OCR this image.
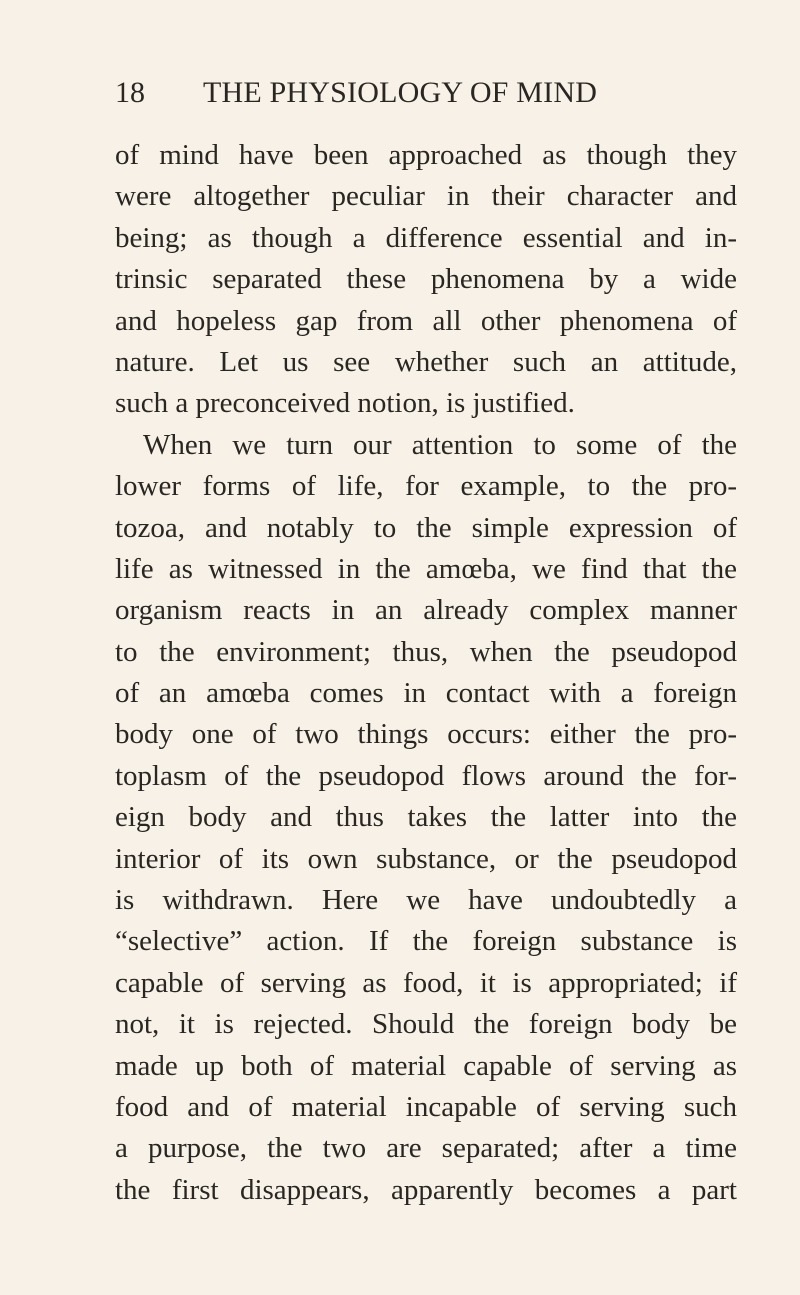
18	THE PHYSIOLOGY OF MIND
of mind have been approached as though they
were altogether peculiar in their character and
being; as though a difference essential and in-
trinsic separated these phenomena by a wide
and hopeless gap from all other phenomena of
nature. Let us see whether such an attitude,
such a preconceived notion, is justified.
When we turn our attention to some of the
lower forms of life, for example, to the pro-
tozoa, and notably to the simple expression of
life as witnessed in the amœba, we find that the
organism reacts in an already complex manner
to the environment; thus, when the pseudopod
of an amœba comes in contact with a foreign
body one of two things occurs: either the pro-
toplasm of the pseudopod flows around the for-
eign body and thus takes the latter into the
interior of its own substance, or the pseudopod
is withdrawn. Here we have undoubtedly a
“selective” action. If the foreign substance is
capable of serving as food, it is appropriated; if
not, it is rejected. Should the foreign body be
made up both of material capable of serving as
food and of material incapable of serving such
a purpose, the two are separated; after a time
the first disappears, apparently becomes a part
